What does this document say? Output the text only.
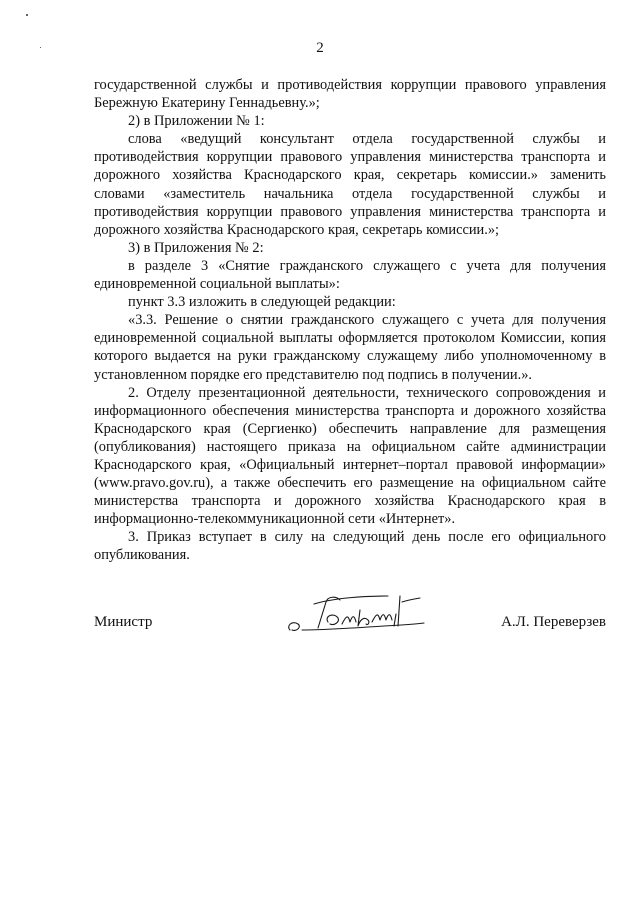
2

государственной службы и противодействия коррупции правового управления Бережную Екатерину Геннадьевну.»;

2) в Приложении № 1:

слова «ведущий консультант отдела государственной службы и противодействия коррупции правового управления министерства транспорта и дорожного хозяйства Краснодарского края, секретарь комиссии.» заменить словами «заместитель начальника отдела государственной службы и противодействия коррупции правового управления министерства транспорта и дорожного хозяйства Краснодарского края, секретарь комиссии.»;

3) в Приложения № 2:

в разделе 3 «Снятие гражданского служащего с учета для получения единовременной социальной выплаты»:

пункт 3.3 изложить в следующей редакции:

«3.3. Решение о снятии гражданского служащего с учета для получения единовременной социальной выплаты оформляется протоколом Комиссии, копия которого выдается на руки гражданскому служащему либо уполномоченному в установленном порядке его представителю под подпись в получении.».

2. Отделу презентационной деятельности, технического сопровождения и информационного обеспечения министерства транспорта и дорожного хозяйства Краснодарского края (Сергиенко) обеспечить направление для размещения (опубликования) настоящего приказа на официальном сайте администрации Краснодарского края, «Официальный интернет–портал правовой информации» (www.pravo.gov.ru), а также обеспечить его размещение на официальном сайте министерства транспорта и дорожного хозяйства Краснодарского края в информационно-телекоммуникационной сети «Интернет».

3. Приказ вступает в силу на следующий день после его официального опубликования.

Министр	А.Л. Переверзев
